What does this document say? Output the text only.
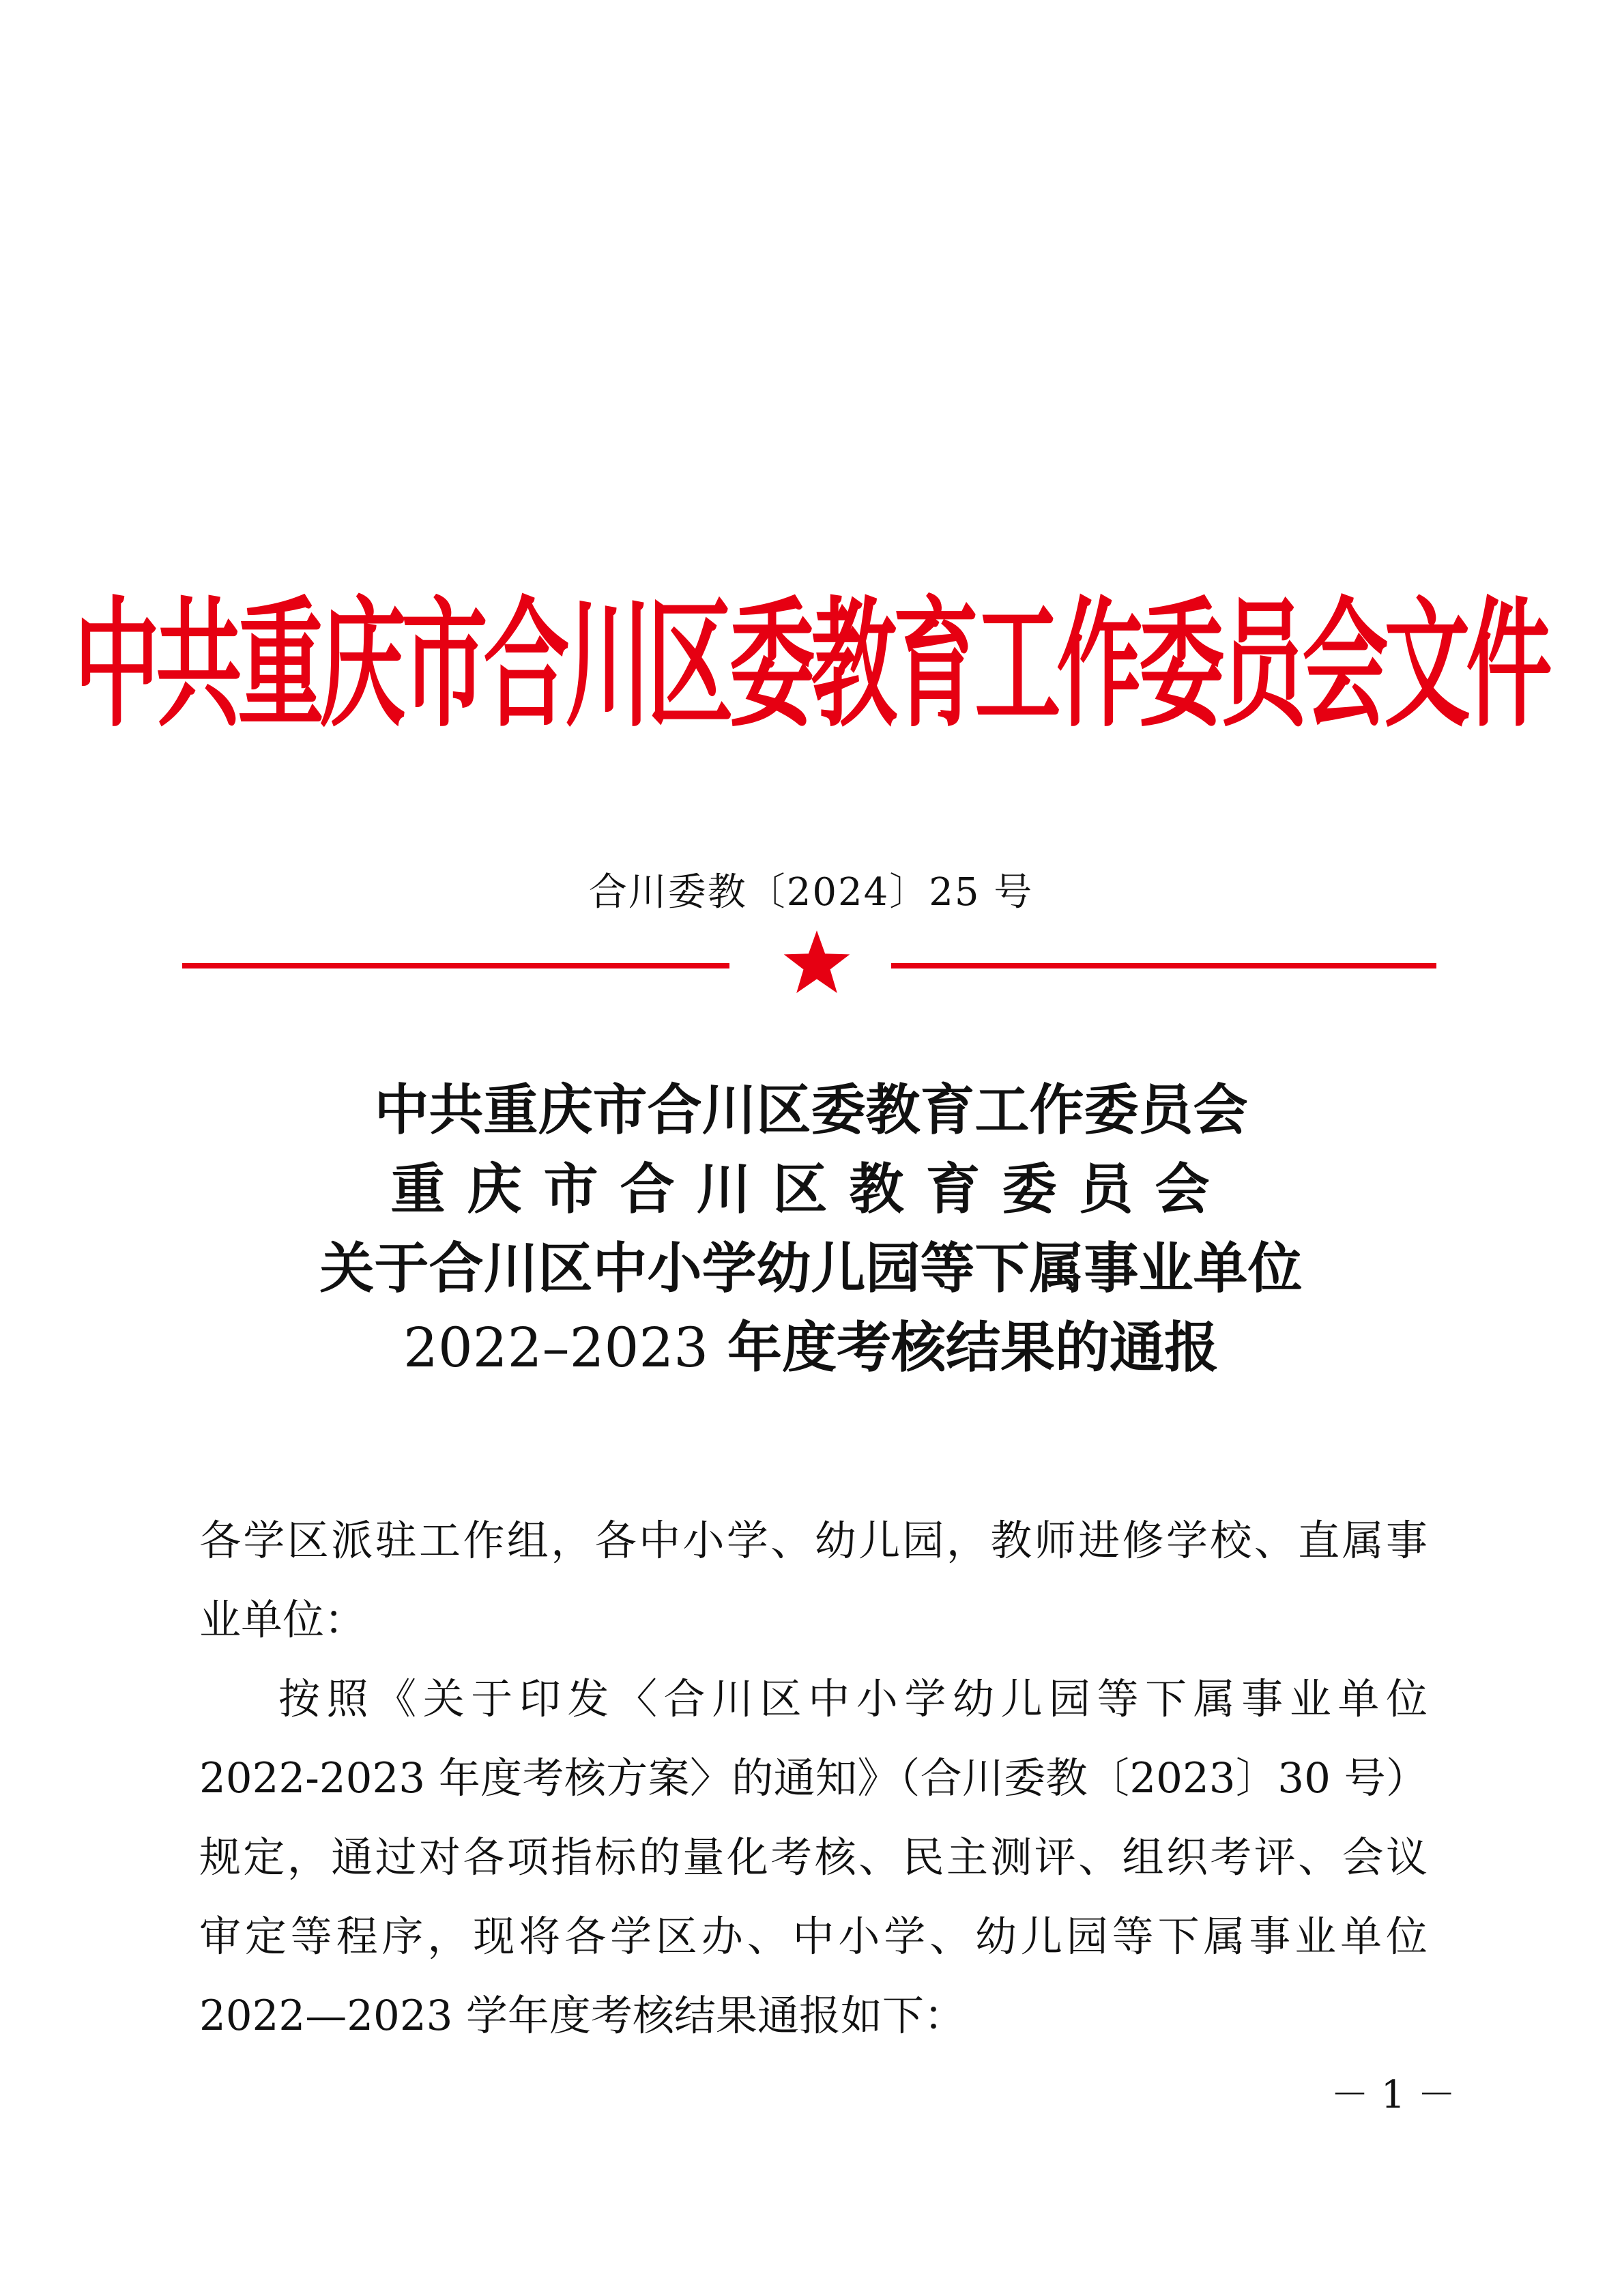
中共重庆市合川区委教育工作委员会文件
合川委教〔2024〕25 号
中共重庆市合川区委教育工作委员会
重庆市合川区教育委员会
关于合川区中小学幼儿园等下属事业单位
2022–2023 年度考核结果的通报
各学区派驻工作组，各中小学、幼儿园，教师进修学校、直属事
业单位：
按照《关于印发〈合川区中小学幼儿园等下属事业单位
2022-2023 年度考核方案〉的通知》（合川委教〔2023〕30 号）
规定，通过对各项指标的量化考核、民主测评、组织考评、会议
审定等程序，现将各学区办、中小学、幼儿园等下属事业单位
2022—2023 学年度考核结果通报如下：
－ 1 －
